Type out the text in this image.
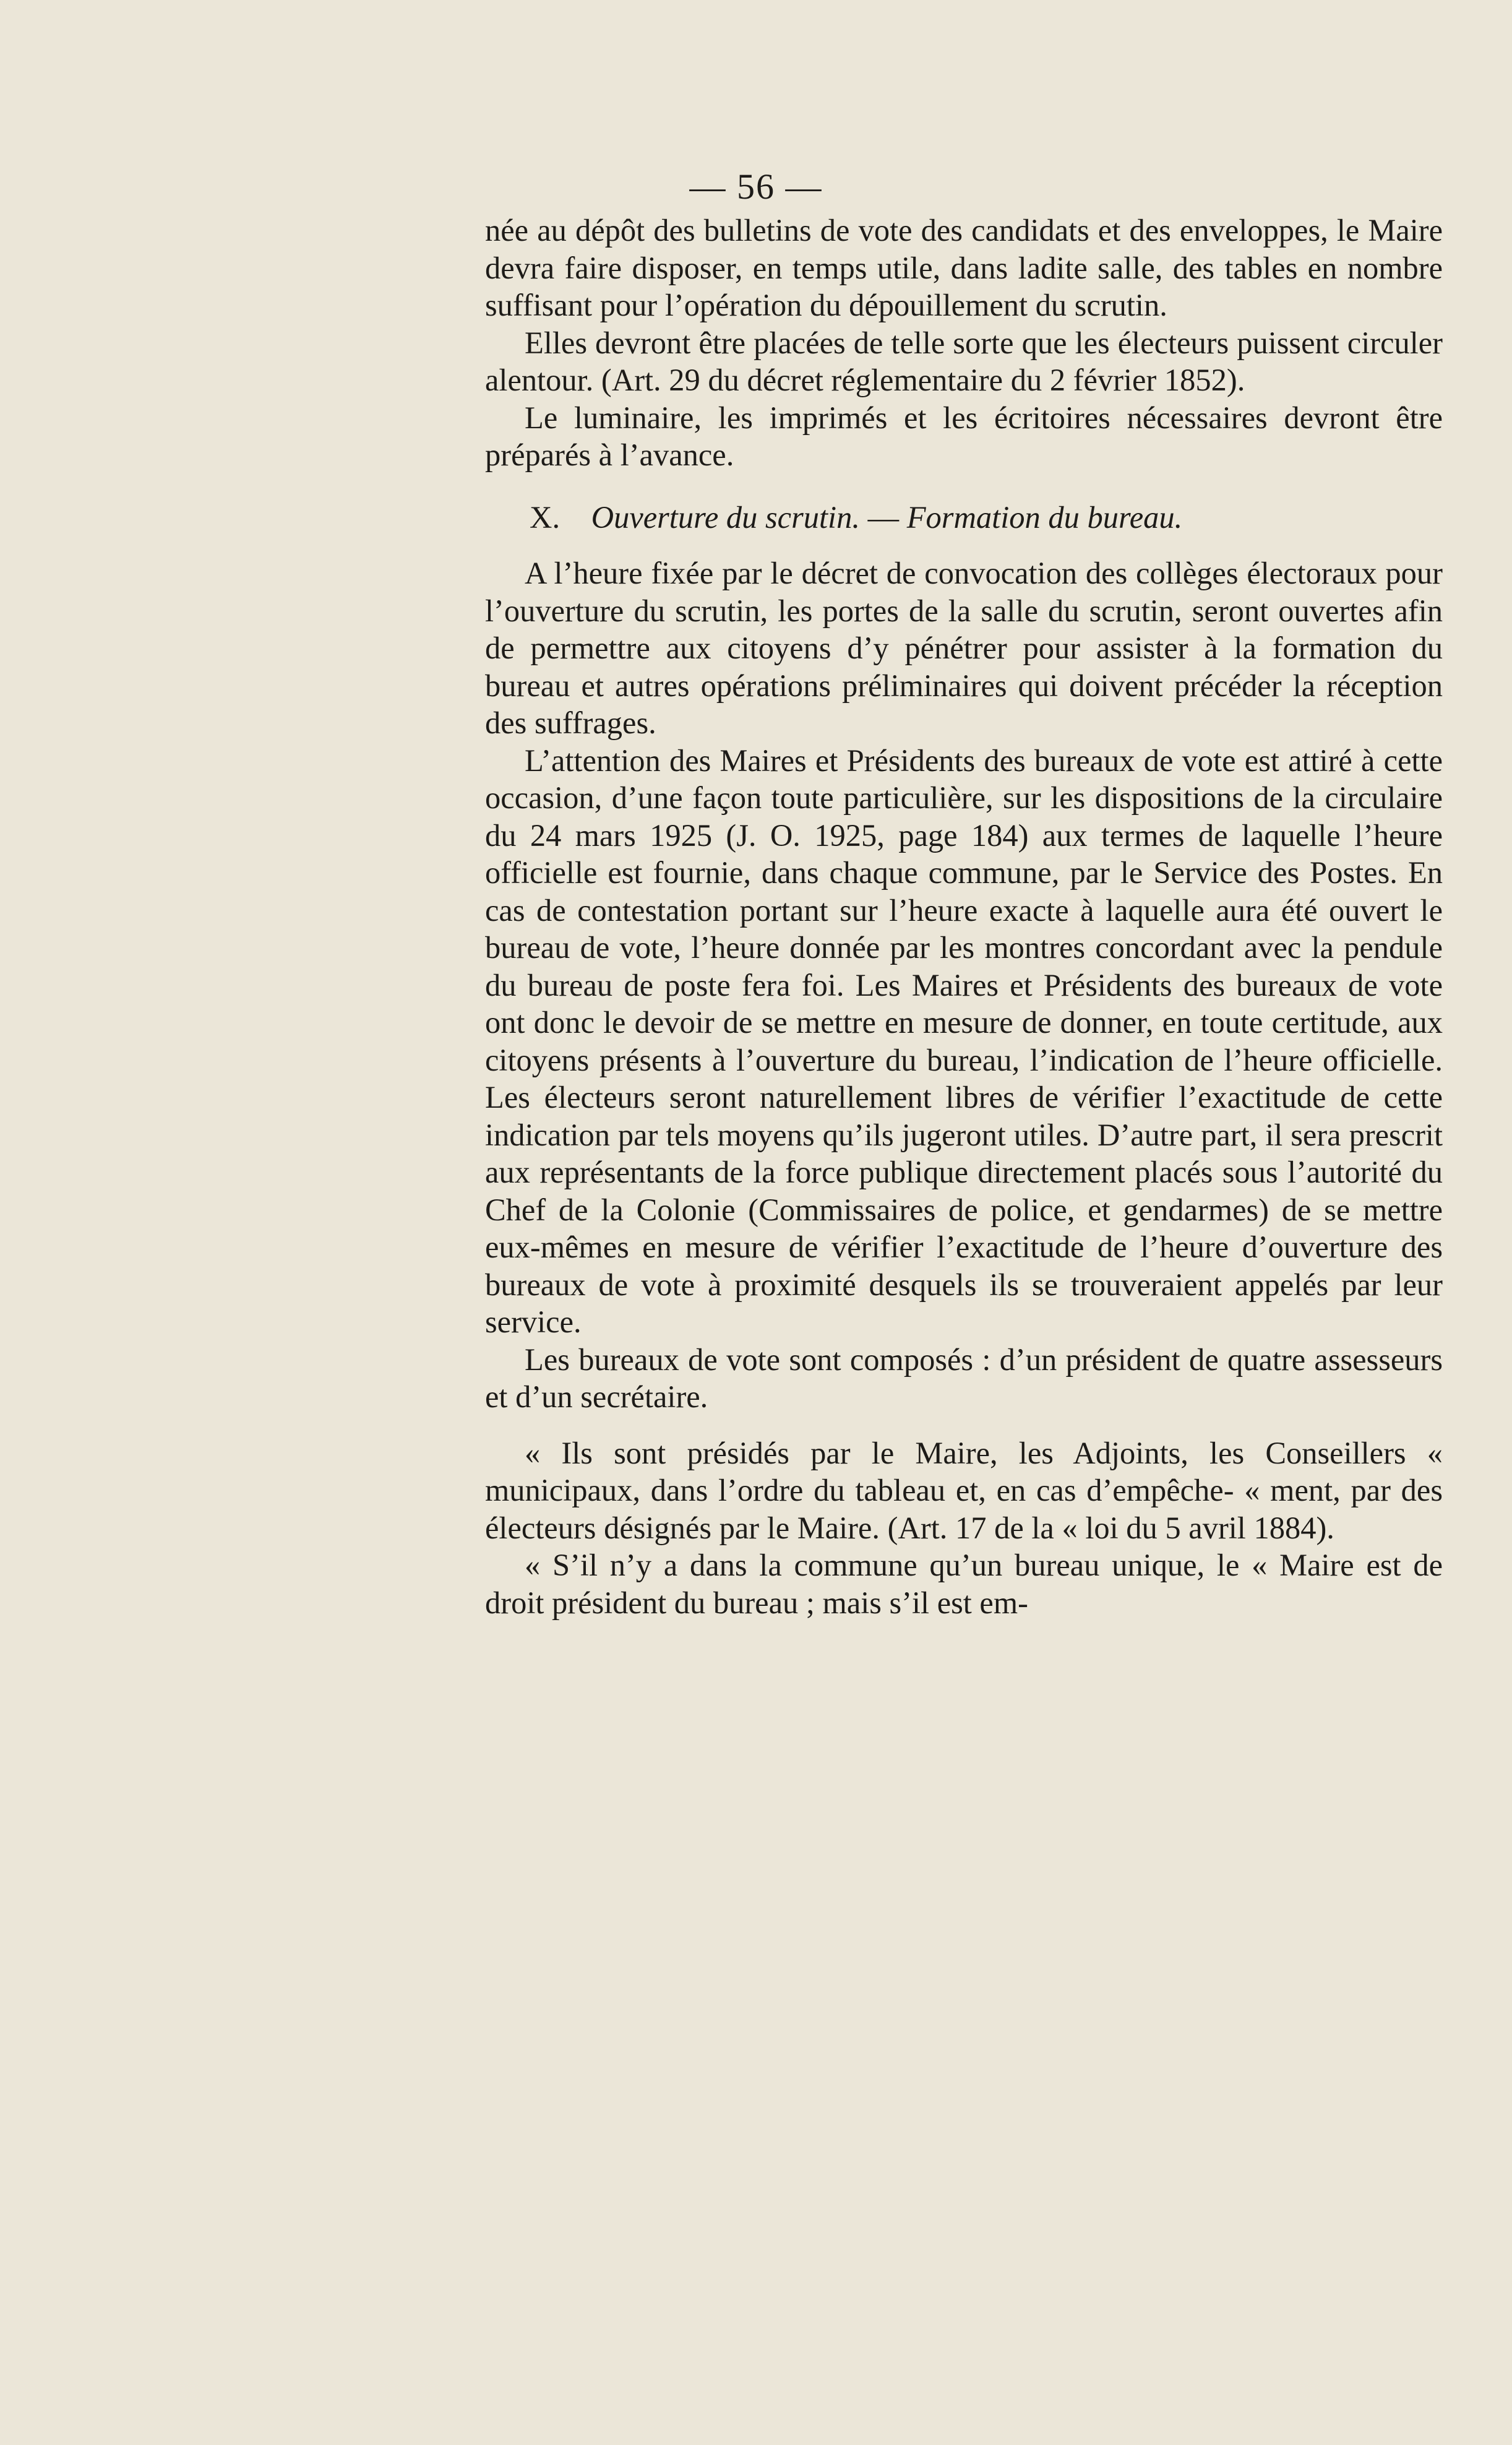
— 56 —

née au dépôt des bulletins de vote des candidats et des enveloppes, le Maire devra faire disposer, en temps utile, dans ladite salle, des tables en nombre suffisant pour l’opération du dépouillement du scrutin.

Elles devront être placées de telle sorte que les électeurs puissent circuler alentour. (Art. 29 du décret réglementaire du 2 février 1852).

Le luminaire, les imprimés et les écritoires nécessaires devront être préparés à l’avance.

X. Ouverture du scrutin. — Formation du bureau.

A l’heure fixée par le décret de convocation des collèges électoraux pour l’ouverture du scrutin, les portes de la salle du scrutin, seront ouvertes afin de permettre aux citoyens d’y pénétrer pour assister à la formation du bureau et autres opérations préliminaires qui doivent précéder la réception des suffrages.

L’attention des Maires et Présidents des bureaux de vote est attiré à cette occasion, d’une façon toute particulière, sur les dispositions de la circulaire du 24 mars 1925 (J. O. 1925, page 184) aux termes de laquelle l’heure officielle est fournie, dans chaque commune, par le Service des Postes. En cas de contestation portant sur l’heure exacte à laquelle aura été ouvert le bureau de vote, l’heure donnée par les montres concordant avec la pendule du bureau de poste fera foi. Les Maires et Présidents des bureaux de vote ont donc le devoir de se mettre en mesure de donner, en toute certitude, aux citoyens présents à l’ouverture du bureau, l’indication de l’heure officielle. Les électeurs seront naturellement libres de vérifier l’exactitude de cette indication par tels moyens qu’ils jugeront utiles. D’autre part, il sera prescrit aux représentants de la force publique directement placés sous l’autorité du Chef de la Colonie (Commissaires de police, et gendarmes) de se mettre eux-mêmes en mesure de vérifier l’exactitude de l’heure d’ouverture des bureaux de vote à proximité desquels ils se trouveraient appelés par leur service.

Les bureaux de vote sont composés : d’un président de quatre assesseurs et d’un secrétaire.

« Ils sont présidés par le Maire, les Adjoints, les Conseillers « municipaux, dans l’ordre du tableau et, en cas d’empêche- « ment, par des électeurs désignés par le Maire. (Art. 17 de la « loi du 5 avril 1884).

« S’il n’y a dans la commune qu’un bureau unique, le « Maire est de droit président du bureau ; mais s’il est em-
